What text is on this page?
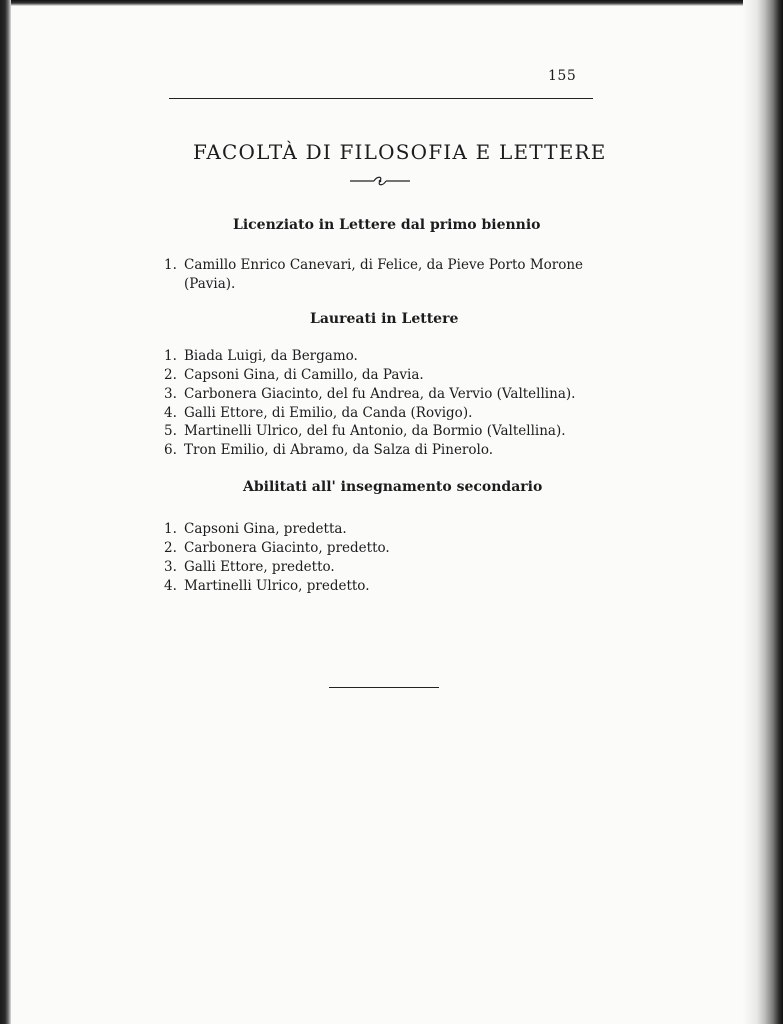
155
FACOLTÀ DI FILOSOFIA E LETTERE
Licenziato in Lettere dal primo biennio
1. Camillo Enrico Canevari, di Felice, da Pieve Porto Morone
(Pavia).
Laureati in Lettere
1. Biada Luigi, da Bergamo.
2. Capsoni Gina, di Camillo, da Pavia.
3. Carbonera Giacinto, del fu Andrea, da Vervio (Valtellina).
4. Galli Ettore, di Emilio, da Canda (Rovigo).
5. Martinelli Ulrico, del fu Antonio, da Bormio (Valtellina).
6. Tron Emilio, di Abramo, da Salza di Pinerolo.
Abilitati all' insegnamento secondario
1. Capsoni Gina, predetta.
2. Carbonera Giacinto, predetto.
3. Galli Ettore, predetto.
4. Martinelli Ulrico, predetto.
